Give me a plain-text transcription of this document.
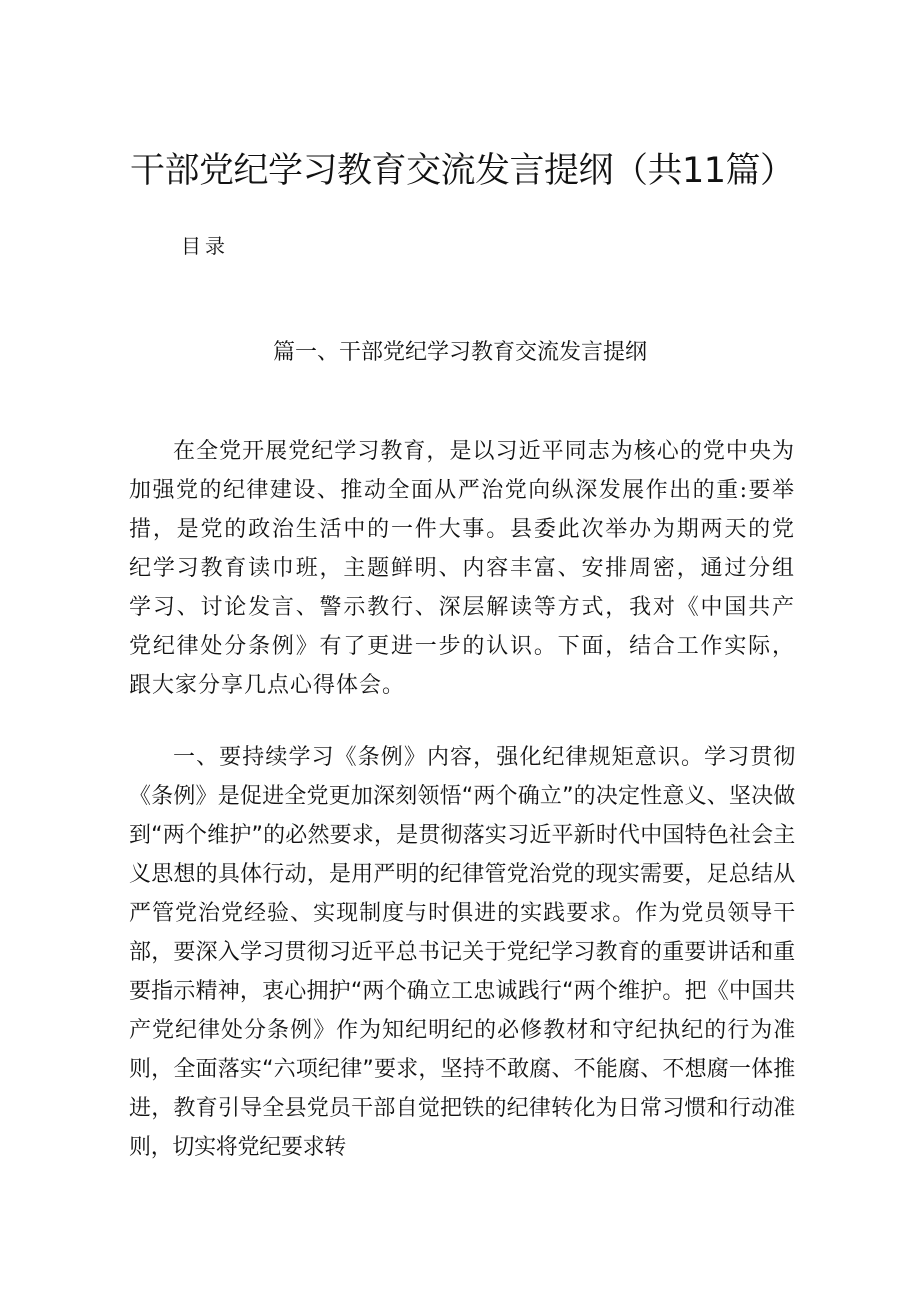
干部党纪学习教育交流发言提纲（共11篇）

目录

篇一、干部党纪学习教育交流发言提纲

在全党开展党纪学习教育，是以习近平同志为核心的党中央为加强党的纪律建设、推动全面从严治党向纵深发展作出的重:要举措，是党的政治生活中的一件大事。县委此次举办为期两天的党纪学习教育读巾班，主题鲜明、内容丰富、安排周密，通过分组学习、讨论发言、警示教行、深层解读等方式，我对《中国共产党纪律处分条例》有了更进一步的认识。下面，结合工作实际，跟大家分享几点心得体会。

一、要持续学习《条例》内容，强化纪律规矩意识。学习贯彻《条例》是促进全党更加深刻领悟“两个确立”的决定性意义、坚决做到“两个维护”的必然要求，是贯彻落实习近平新时代中国特色社会主义思想的具体行动，是用严明的纪律管党治党的现实需要，足总结从严管党治党经验、实现制度与时俱进的实践要求。作为党员领导干部，要深入学习贯彻习近平总书记关于党纪学习教育的重要讲话和重要指示精神，衷心拥护“两个确立工忠诚践行“两个维护。把《中国共产党纪律处分条例》作为知纪明纪的必修教材和守纪执纪的行为准则，全面落实“六项纪律”要求，坚持不敢腐、不能腐、不想腐一体推进，教育引导全县党员干部自觉把铁的纪律转化为日常习惯和行动准则，切实将党纪要求转
